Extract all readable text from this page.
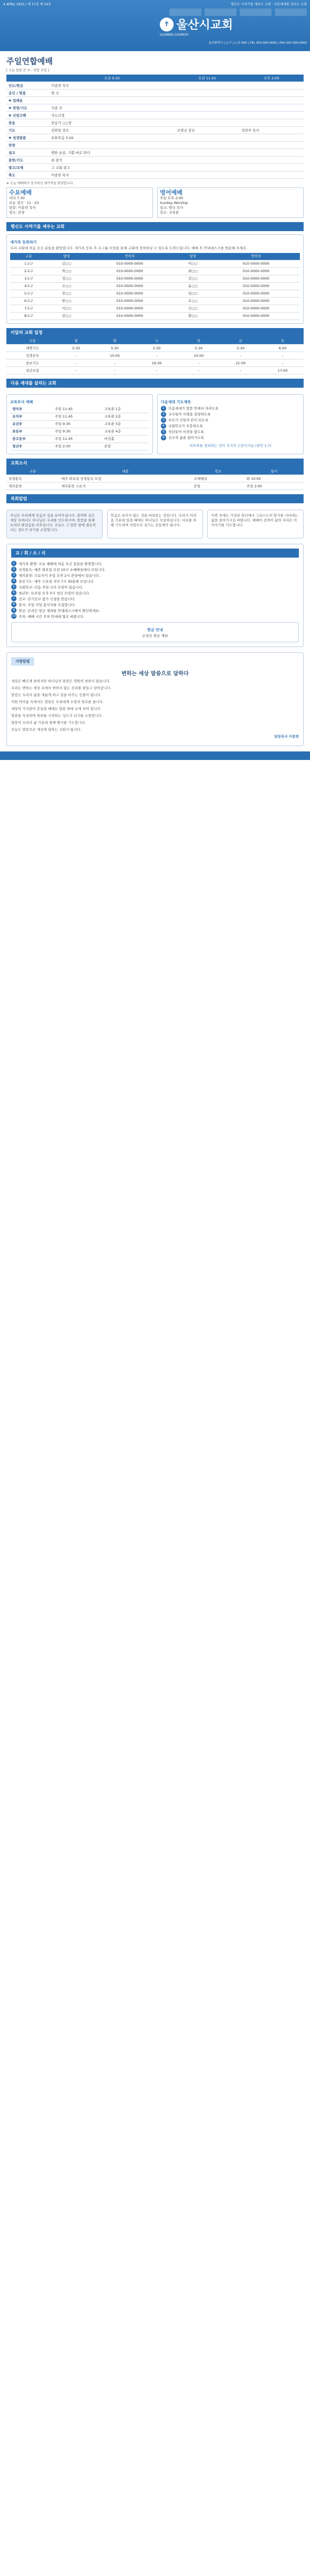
4 APRIL 2025 / 제 17권 제 14호	행신도 사역기를 세우는 교회 · 다음세대를 살리는 교회
✝ 울산시교회
ULSANSI CHURCH
울산광역시 ○○구 ○○로 000 | TEL 052-000-0000 | FAX 052-000-0000
주일연합예배
[ 오늘 말씀 본 주 - 연합 주일 ]
	오전 9:30	오전 11:45	오후 2:00
인도/헌금	이종련 목사		
응인 / 영접	방 국		
✚ 입례송			
✚ 찬양/기도	석종 주		
✚ 신앙고백	사도신경		
찬송	찬송가 ○○장		
기도	김한일 장로	조영규 장로	정찬주 목사
✚ 성경말씀	요한복음 3:16		
찬양			
설교	행한 순종, 기쁨 바로 안다		
봉헌/기도	최 광석		
광고/교제	그 교회 광고		
축도	이종련 목사		
※ 오늘 예배에서 참석하신 새가족을 환영합니다.
수요예배
저녁 7:30
오늘 경건 · 11 · 23
말씀: 이종련 목사
장소: 본당
영어예배
주일 오후 2:00
Sunday Worship
설교: 방국 목사
장소: 교육관
행신도 사역기를 세우는 교회
새가족 등록하기

우리 교회에 처음 오신 분들을 환영합니다. 새가족 등록 후 소그룹 모임을 통해 교회에 정착하실 수 있도록 도와드립니다. 예배 후 안내데스크를 방문해 주세요.

구분	담당	연락처	담당	연락처
1교구	김○○	010-0000-0000	이○○	010-0000-0000
2교구	박○○	010-0000-0000	최○○	010-0000-0000
3교구	정○○	010-0000-0000	강○○	010-0000-0000
4교구	조○○	010-0000-0000	윤○○	010-0000-0000
5교구	장○○	010-0000-0000	임○○	010-0000-0000
6교구	한○○	010-0000-0000	오○○	010-0000-0000
7교구	서○○	010-0000-0000	신○○	010-0000-0000
8교구	권○○	010-0000-0000	황○○	010-0000-0000
이달의 교회 일정
구분	월	화	수	목	금	토
새벽기도	5:30	5:30	5:30	5:30	5:30	6:00
성경공부	-	10:00	-	10:00	-	-
중보기도	-	-	19:30	-	21:00	-
청년모임	-	-	-	-	-	17:00
다음 세대를 살리는 교회
교육부서 예배
영아부	주일 11:45	교육관 1층
유치부	주일 11:45	교육관 2층
유년부	주일 9:30	교육관 3층
초등부	주일 9:30	교육관 4층
중고등부	주일 11:45	비전홀
청년부	주일 2:00	본당
다음세대 기도제목
1	다음세대가 말씀 안에서 자라도록
2	교사들이 사명을 감당하도록
3	부모가 신앙의 본이 되도록
4	교회학교가 부흥하도록
5	청년들이 비전을 품도록
6	선교적 삶을 살아가도록
여호와를 경외하는 것이 지식의 근본이거늘 (잠언 1:7)
교회소식
구분	내용	장소	일시
성경통독	매주 화요일 성경통독 모임	소예배실	화 10:00
제자훈련	제자훈련 수료식	본당	주일 2:00
목회칼럼

주님은 우리에게 믿음의 길을 보여주십니다. 광야와 같은 세상 속에서도 하나님은 우리를 인도하시며, 말씀을 통해 우리의 발걸음을 비추십니다. 오늘도 그 말씀 앞에 겸손히 서는 성도가 되기를 소망합니다.

믿음은 보이지 않는 것을 바라보는 것입니다. 우리가 어려움 가운데 있을 때에도 하나님은 신실하십니다. 서로를 위해 기도하며 사랑으로 섬기는 공동체가 됩시다.

이번 주에도 가정과 일터에서 그리스도의 향기를 나타내는 삶을 살아가시길 바랍니다. 예배의 감격이 삶의 자리로 이어지기를 기도합니다.

교 / 회 / 소 / 식
1	새가족 환영: 오늘 예배에 처음 오신 분들을 환영합니다.
2	성경통독: 매주 화요일 오전 10시 소예배실에서 모입니다.
3	제자훈련: 수료식이 주일 오후 2시 본당에서 있습니다.
4	중보기도: 매주 수요일 저녁 7시 30분에 모입니다.
5	교회학교: 다음 주일 교사 모임이 있습니다.
6	청년부: 토요일 오후 5시 청년 모임이 있습니다.
7	선교: 단기선교 참가 신청을 받습니다.
8	봉사: 주일 식당 봉사자를 모집합니다.
9	헌금: 온라인 헌금 계좌를 안내데스크에서 확인하세요.
10 주차: 예배 시간 주차 안내에 협조 바랍니다.
헌금 안내
온라인 헌금 계좌
사랑칼럼
변하는 세상 말씀으로 답하다

세상은 빠르게 변하지만 하나님의 말씀은 영원히 변하지 않습니다.

우리는 변하는 세상 속에서 변하지 않는 진리를 붙들고 살아갑니다.

말씀은 우리의 삶을 새롭게 하고 길을 비추는 등불이 됩니다.

어떤 어려움 속에서도 말씀은 우리에게 소망과 위로를 줍니다.

세상의 가치관이 흔들릴 때에도 말씀 위에 굳게 서야 합니다.

말씀을 묵상하며 하루를 시작하는 성도가 되기를 소망합니다.

말씀이 우리의 삶 가운데 열매 맺기를 기도합니다.

오늘도 말씀으로 세상에 답하는 교회가 됩시다.

담임목사 이종련
